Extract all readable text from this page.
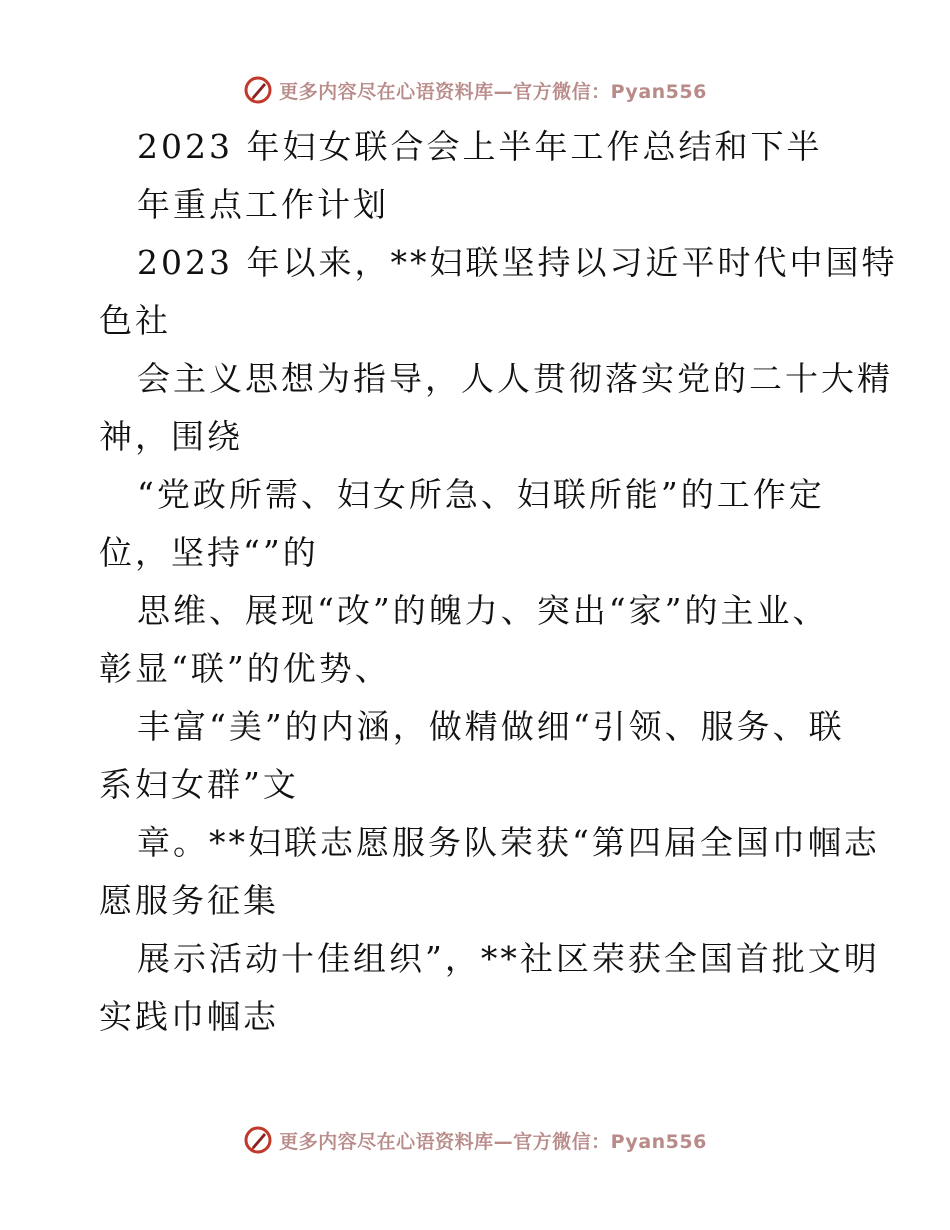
更多内容尽在心语资料库—官方微信：Pyan556
2023 年妇女联合会上半年工作总结和下半
年重点工作计划
2023 年以来，**妇联坚持以习近平时代中国特
色社
会主义思想为指导，人人贯彻落实党的二十大精
神，围绕
“党政所需、妇女所急、妇联所能”的工作定
位，坚持“”的
思维、展现“改”的魄力、突出“家”的主业、
彰显“联”的优势、
丰富“美”的内涵，做精做细“引领、服务、联
系妇女群”文
章。**妇联志愿服务队荣获“第四届全国巾帼志
愿服务征集
展示活动十佳组织”，**社区荣获全国首批文明
实践巾帼志
更多内容尽在心语资料库—官方微信：Pyan556
